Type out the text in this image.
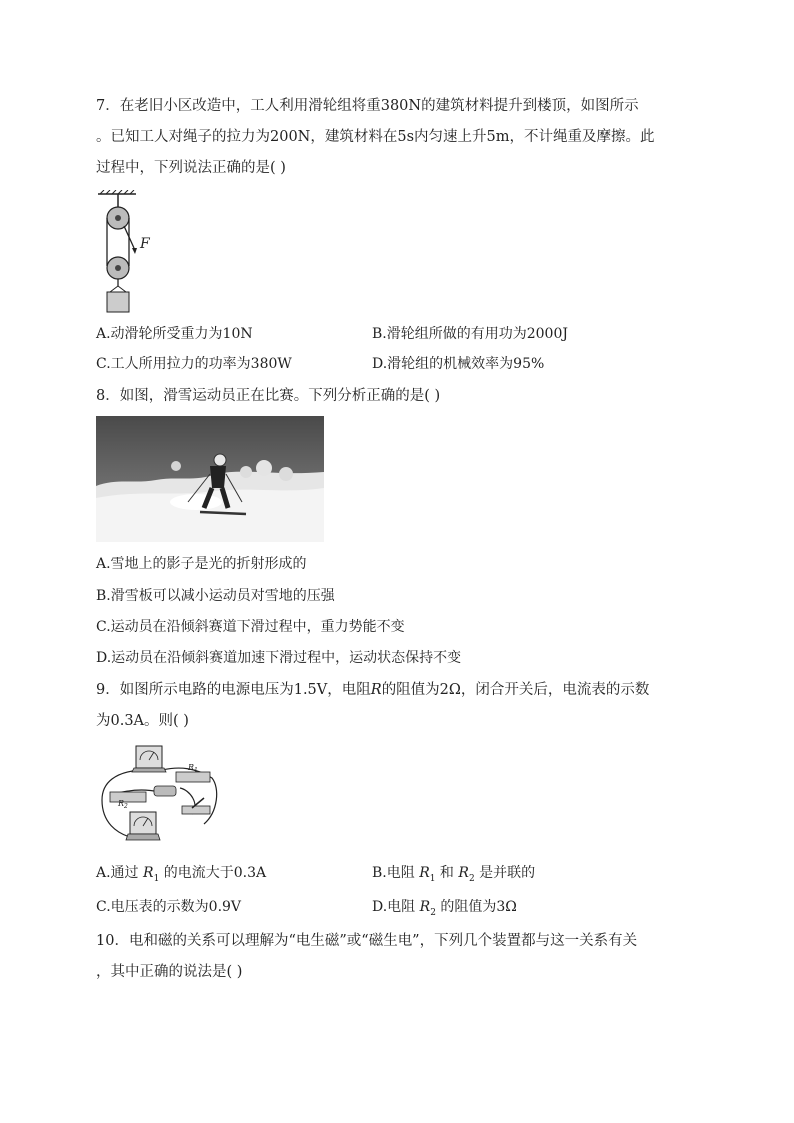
7．在老旧小区改造中，工人利用滑轮组将重380N的建筑材料提升到楼顶，如图所示
。已知工人对绳子的拉力为200N，建筑材料在5s内匀速上升5m，不计绳重及摩擦。此
过程中，下列说法正确的是( )
F
A.动滑轮所受重力为10N	B.滑轮组所做的有用功为2000J
C.工人所用拉力的功率为380W	D.滑轮组的机械效率为95%
8．如图，滑雪运动员正在比赛。下列分析正确的是( )
A.雪地上的影子是光的折射形成的
B.滑雪板可以减小运动员对雪地的压强
C.运动员在沿倾斜赛道下滑过程中，重力势能不变
D.运动员在沿倾斜赛道加速下滑过程中，运动状态保持不变
9．如图所示电路的电源电压为1.5V，电阻R的阻值为2Ω，闭合开关后，电流表的示数
为0.3A。则( )
$R_1$
$R_2$
A.通过 $R_1$ 的电流大于0.3A	B.电阻 $R_1$ 和 $R_2$ 是并联的
C.电压表的示数为0.9V	D.电阻 $R_2$ 的阻值为3Ω
10．电和磁的关系可以理解为“电生磁”或“磁生电”，下列几个装置都与这一关系有关
，其中正确的说法是( )
